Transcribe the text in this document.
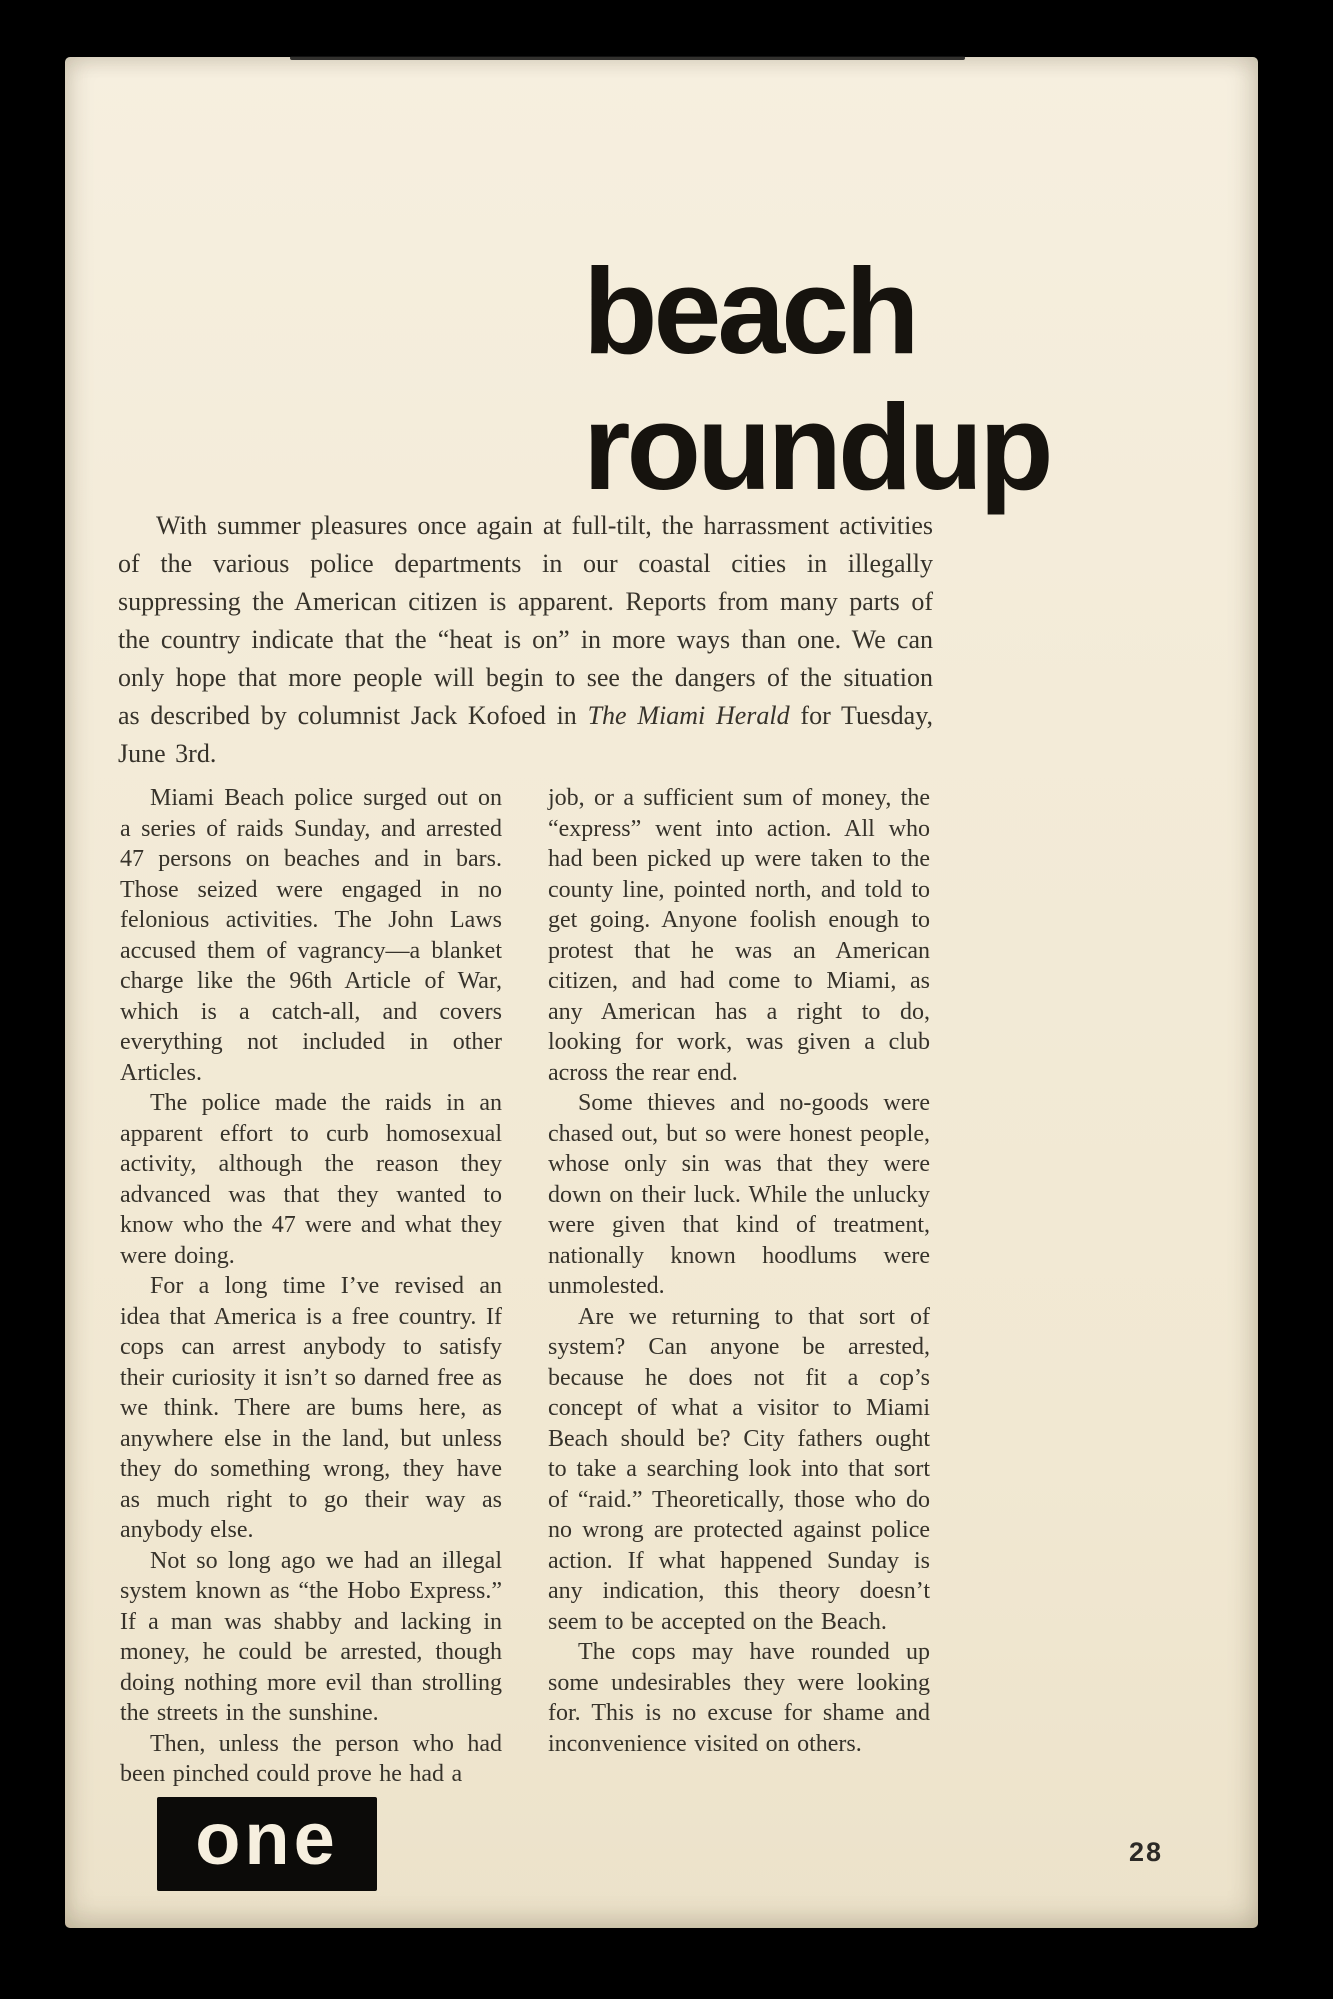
beach
roundup

With summer pleasures once again at full-tilt, the harrassment activities of the various police departments in our coastal cities in illegally suppressing the American citizen is apparent. Reports from many parts of the country indicate that the “heat is on” in more ways than one. We can only hope that more people will begin to see the dangers of the situation as described by columnist Jack Kofoed in The Miami Herald for Tuesday, June 3rd.

Miami Beach police surged out on a series of raids Sunday, and arrested 47 persons on beaches and in bars. Those seized were engaged in no felonious activities. The John Laws accused them of vagrancy—a blanket charge like the 96th Article of War, which is a catch-all, and covers everything not included in other Articles.

The police made the raids in an apparent effort to curb homosexual activity, although the reason they advanced was that they wanted to know who the 47 were and what they were doing.

For a long time I’ve revised an idea that America is a free country. If cops can arrest anybody to satisfy their curiosity it isn’t so darned free as we think. There are bums here, as anywhere else in the land, but unless they do something wrong, they have as much right to go their way as anybody else.

Not so long ago we had an illegal system known as “the Hobo Express.” If a man was shabby and lacking in money, he could be arrested, though doing nothing more evil than strolling the streets in the sunshine.

Then, unless the person who had been pinched could prove he had a

job, or a sufficient sum of money, the “express” went into action. All who had been picked up were taken to the county line, pointed north, and told to get going. Anyone foolish enough to protest that he was an American citizen, and had come to Miami, as any American has a right to do, looking for work, was given a club across the rear end.

Some thieves and no-goods were chased out, but so were honest people, whose only sin was that they were down on their luck. While the unlucky were given that kind of treatment, nationally known hoodlums were unmolested.

Are we returning to that sort of system? Can anyone be arrested, because he does not fit a cop’s concept of what a visitor to Miami Beach should be? City fathers ought to take a searching look into that sort of “raid.” Theoretically, those who do no wrong are protected against police action. If what happened Sunday is any indication, this theory doesn’t seem to be accepted on the Beach.

The cops may have rounded up some undesirables they were looking for. This is no excuse for shame and inconvenience visited on others.

one	28
